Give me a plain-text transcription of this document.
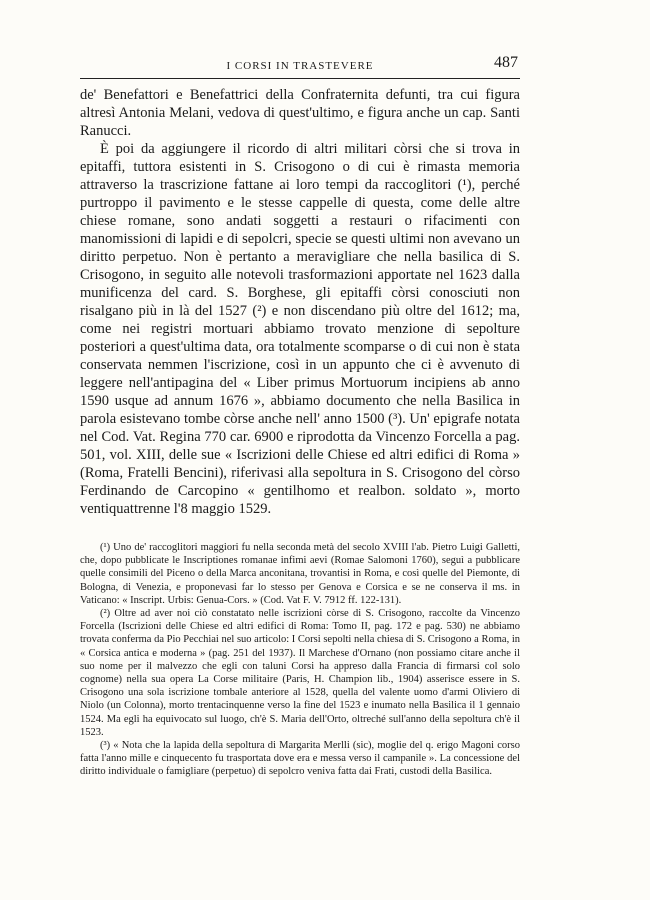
I CORSI IN TRASTEVERE	487

de' Benefattori e Benefattrici della Confraternita defunti, tra cui figura altresì Antonia Melani, vedova di quest'ultimo, e figura anche un cap. Santi Ranucci.

È poi da aggiungere il ricordo di altri militari còrsi che si trova in epitaffi, tuttora esistenti in S. Crisogono o di cui è rimasta memoria attraverso la trascrizione fattane ai loro tempi da raccoglitori (¹), perché purtroppo il pavimento e le stesse cappelle di questa, come delle altre chiese romane, sono andati soggetti a restauri o rifacimenti con manomissioni di lapidi e di sepolcri, specie se questi ultimi non avevano un diritto perpetuo. Non è pertanto a meravigliare che nella basilica di S. Crisogono, in seguito alle notevoli trasformazioni apportate nel 1623 dalla munificenza del card. S. Borghese, gli epitaffi còrsi conosciuti non risalgano più in là del 1527 (²) e non discendano più oltre del 1612; ma, come nei registri mortuari abbiamo trovato menzione di sepolture posteriori a quest'ultima data, ora totalmente scomparse o di cui non è stata conservata nemmen l'iscrizione, così in un appunto che ci è avvenuto di leggere nell'antipagina del « Liber primus Mortuorum incipiens ab anno 1590 usque ad annum 1676 », abbiamo documento che nella Basilica in parola esistevano tombe còrse anche nell' anno 1500 (³). Un' epigrafe notata nel Cod. Vat. Regina 770 car. 6900 e riprodotta da Vincenzo Forcella a pag. 501, vol. XIII, delle sue « Iscrizioni delle Chiese ed altri edifici di Roma » (Roma, Fratelli Bencini), riferivasi alla sepoltura in S. Crisogono del còrso Ferdinando de Carcopino « gentilhomo et realbon. soldato », morto ventiquattrenne l'8 maggio 1529.

(¹) Uno de' raccoglitori maggiori fu nella seconda metà del secolo XVIII l'ab. Pietro Luigi Galletti, che, dopo pubblicate le Inscriptiones romanae infimi aevi (Romae Salomoni 1760), seguì a pubblicare quelle consimili del Piceno o della Marca anconitana, trovantisi in Roma, e così quelle del Piemonte, di Bologna, di Venezia, e proponevasi far lo stesso per Genova e Corsica e se ne conserva il ms. in Vaticano: « Inscript. Urbis: Genua-Cors. » (Cod. Vat F. V. 7912 ff. 122-131).

(²) Oltre ad aver noi ciò constatato nelle iscrizioni còrse di S. Crisogono, raccolte da Vincenzo Forcella (Iscrizioni delle Chiese ed altri edifici di Roma: Tomo II, pag. 172 e pag. 530) ne abbiamo trovata conferma da Pio Pecchiai nel suo articolo: I Corsi sepolti nella chiesa di S. Crisogono a Roma, in « Corsica antica e moderna » (pag. 251 del 1937). Il Marchese d'Ornano (non possiamo citare anche il suo nome per il malvezzo che egli con taluni Corsi ha appreso dalla Francia di firmarsi col solo cognome) nella sua opera La Corse militaire (Paris, H. Champion lib., 1904) asserisce essere in S. Crisogono una sola iscrizione tombale anteriore al 1528, quella del valente uomo d'armi Oliviero di Niolo (un Colonna), morto trentacinquenne verso la fine del 1523 e inumato nella Basilica il 1 gennaio 1524. Ma egli ha equivocato sul luogo, ch'è S. Maria dell'Orto, oltreché sull'anno della sepoltura ch'è il 1523.

(³) « Nota che la lapida della sepoltura di Margarita Merlli (sic), moglie del q. erigo Magoni corso fatta l'anno mille e cinquecento fu trasportata dove era e messa verso il campanile ». La concessione del diritto individuale o famigliare (perpetuo) di sepolcro veniva fatta dai Frati, custodi della Basilica.
